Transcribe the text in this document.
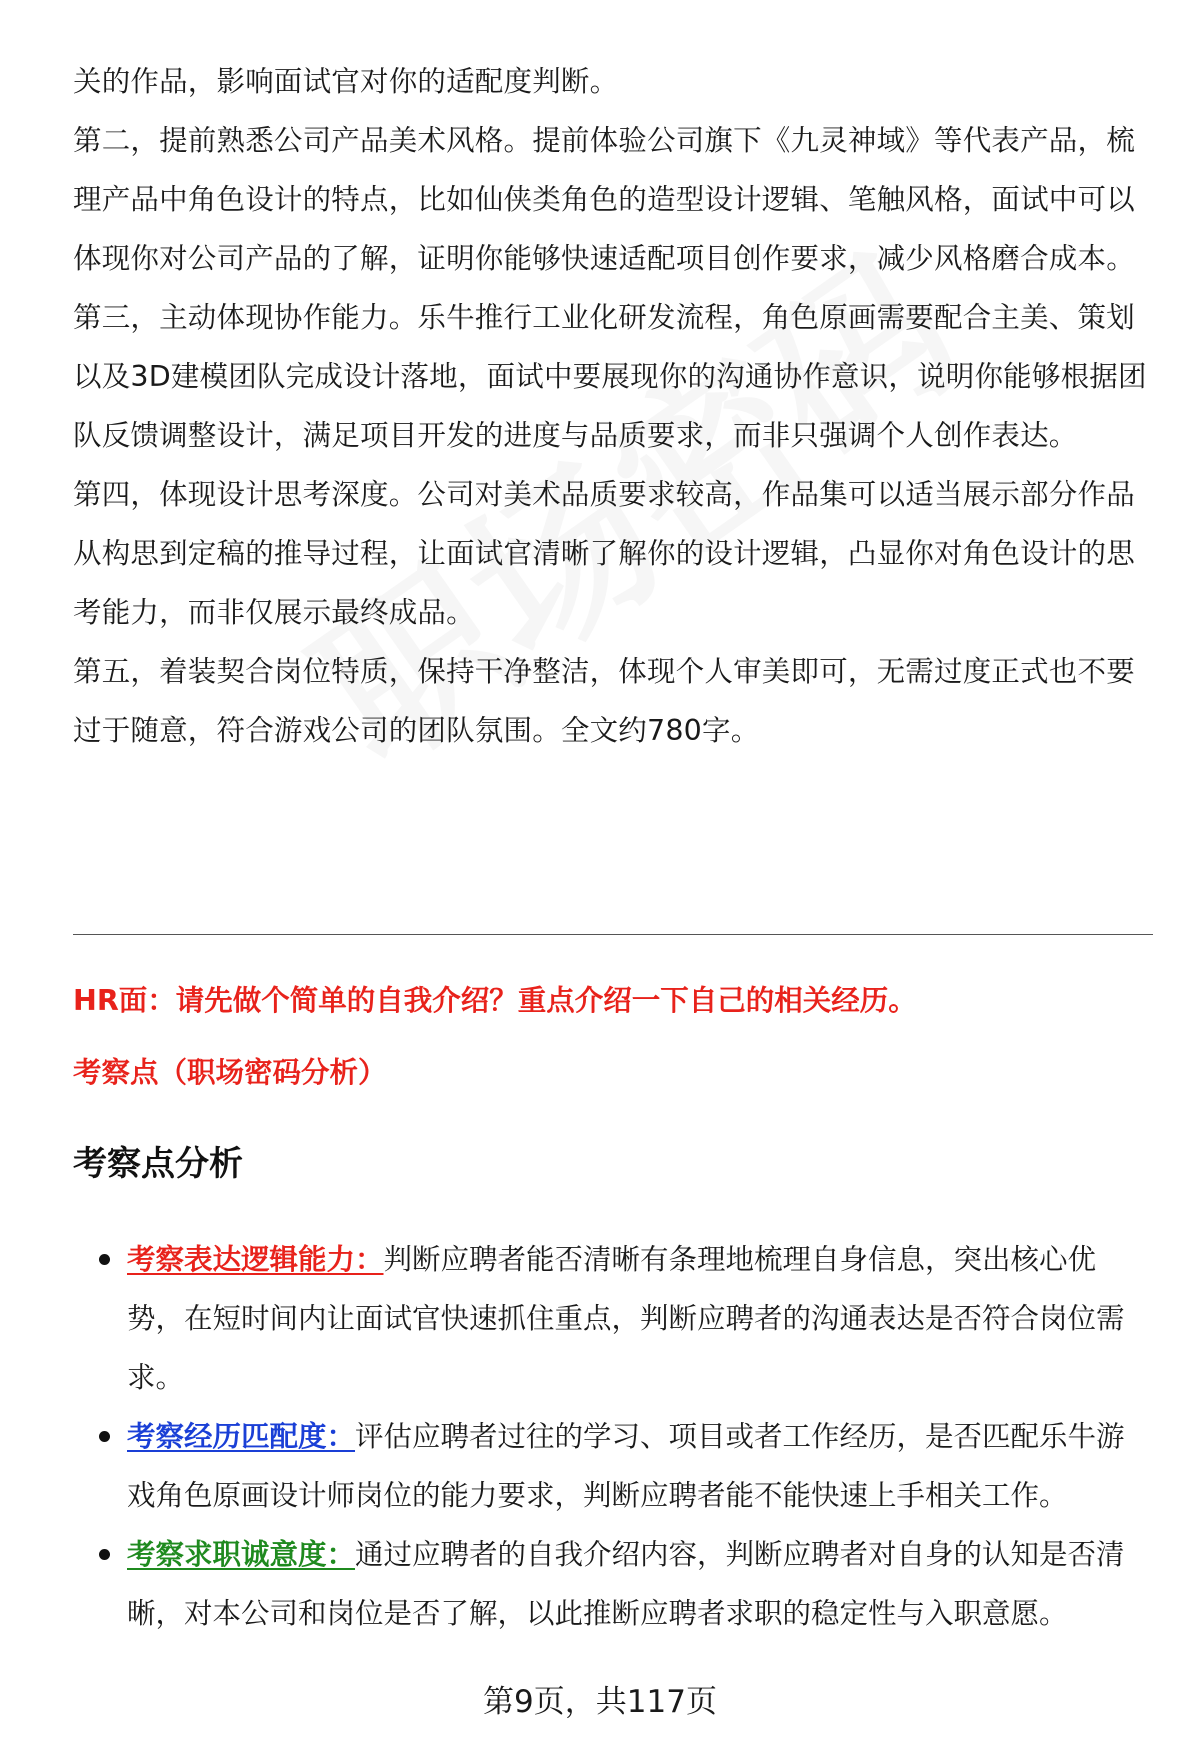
关的作品，影响面试官对你的适配度判断。

第二，提前熟悉公司产品美术风格。提前体验公司旗下《九灵神域》等代表产品，梳理产品中角色设计的特点，比如仙侠类角色的造型设计逻辑、笔触风格，面试中可以体现你对公司产品的了解，证明你能够快速适配项目创作要求，减少风格磨合成本。

第三，主动体现协作能力。乐牛推行工业化研发流程，角色原画需要配合主美、策划以及3D建模团队完成设计落地，面试中要展现你的沟通协作意识，说明你能够根据团队反馈调整设计，满足项目开发的进度与品质要求，而非只强调个人创作表达。

第四，体现设计思考深度。公司对美术品质要求较高，作品集可以适当展示部分作品从构思到定稿的推导过程，让面试官清晰了解你的设计逻辑，凸显你对角色设计的思考能力，而非仅展示最终成品。

第五，着装契合岗位特质，保持干净整洁，体现个人审美即可，无需过度正式也不要过于随意，符合游戏公司的团队氛围。全文约780字。

HR面：请先做个简单的自我介绍？重点介绍一下自己的相关经历。

考察点（职场密码分析）

考察点分析
考察表达逻辑能力：判断应聘者能否清晰有条理地梳理自身信息，突出核心优势，在短时间内让面试官快速抓住重点，判断应聘者的沟通表达是否符合岗位需求。
考察经历匹配度：评估应聘者过往的学习、项目或者工作经历，是否匹配乐牛游戏角色原画设计师岗位的能力要求，判断应聘者能不能快速上手相关工作。
考察求职诚意度：通过应聘者的自我介绍内容，判断应聘者对自身的认知是否清晰，对本公司和岗位是否了解，以此推断应聘者求职的稳定性与入职意愿。

第9页，共117页
